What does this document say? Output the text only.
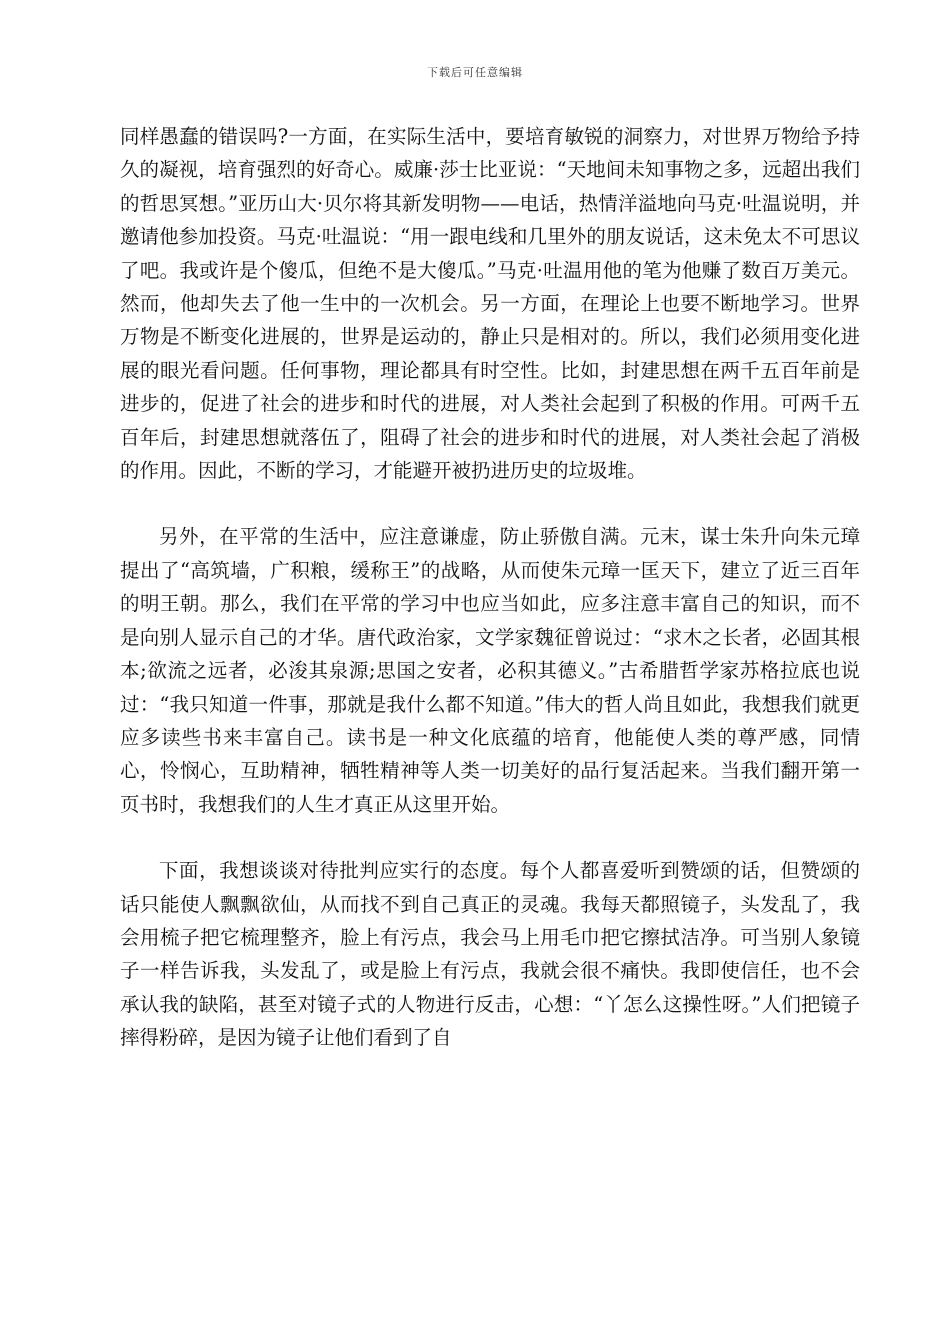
下载后可任意编辑

同样愚蠢的错误吗?一方面，在实际生活中，要培育敏锐的洞察力，对世界万物给予持久的凝视，培育强烈的好奇心。威廉·莎士比亚说：“天地间未知事物之多，远超出我们的哲思冥想。”亚历山大·贝尔将其新发明物——电话，热情洋溢地向马克·吐温说明，并邀请他参加投资。马克·吐温说：“用一跟电线和几里外的朋友说话，这未免太不可思议了吧。我或许是个傻瓜，但绝不是大傻瓜。”马克·吐温用他的笔为他赚了数百万美元。然而，他却失去了他一生中的一次机会。另一方面，在理论上也要不断地学习。世界万物是不断变化进展的，世界是运动的，静止只是相对的。所以，我们必须用变化进展的眼光看问题。任何事物，理论都具有时空性。比如，封建思想在两千五百年前是进步的，促进了社会的进步和时代的进展，对人类社会起到了积极的作用。可两千五百年后，封建思想就落伍了，阻碍了社会的进步和时代的进展，对人类社会起了消极的作用。因此，不断的学习，才能避开被扔进历史的垃圾堆。

另外，在平常的生活中，应注意谦虚，防止骄傲自满。元末，谋士朱升向朱元璋提出了“高筑墙，广积粮，缓称王”的战略，从而使朱元璋一匡天下，建立了近三百年的明王朝。那么，我们在平常的学习中也应当如此，应多注意丰富自己的知识，而不是向别人显示自己的才华。唐代政治家，文学家魏征曾说过：“求木之长者，必固其根本;欲流之远者，必浚其泉源;思国之安者，必积其德义。”古希腊哲学家苏格拉底也说过：“我只知道一件事，那就是我什么都不知道。”伟大的哲人尚且如此，我想我们就更应多读些书来丰富自己。读书是一种文化底蕴的培育，他能使人类的尊严感，同情心，怜悯心，互助精神，牺牲精神等人类一切美好的品行复活起来。当我们翻开第一页书时，我想我们的人生才真正从这里开始。

下面，我想谈谈对待批判应实行的态度。每个人都喜爱听到赞颂的话，但赞颂的话只能使人飘飘欲仙，从而找不到自己真正的灵魂。我每天都照镜子，头发乱了，我会用梳子把它梳理整齐，脸上有污点，我会马上用毛巾把它擦拭洁净。可当别人象镜子一样告诉我，头发乱了，或是脸上有污点，我就会很不痛快。我即使信任，也不会承认我的缺陷，甚至对镜子式的人物进行反击，心想：“丫怎么这操性呀。”人们把镜子摔得粉碎，是因为镜子让他们看到了自
